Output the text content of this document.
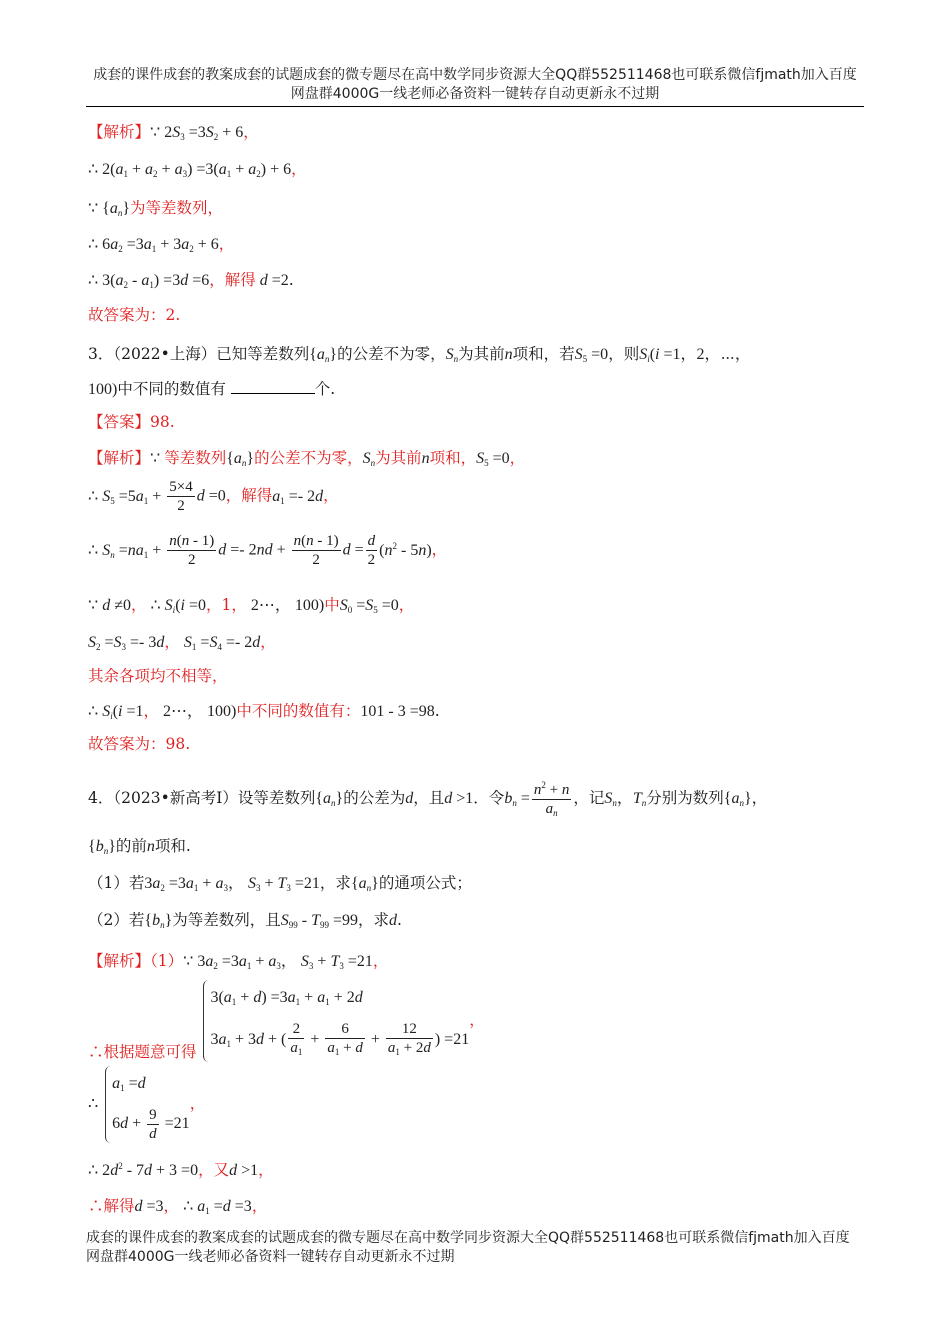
成套的课件成套的教案成套的试题成套的微专题尽在高中数学同步资源大全QQ群552511468也可联系微信fjmath加入百度
网盘群4000G一线老师必备资料一键转存自动更新永不过期
【解析】∵ $2S_3 =3S_2 + 6$，
∴ $2(a_1 + a_2 + a_3) =3(a_1 + a_2) + 6$，
∵ $\{a_n\}$为等差数列，
∴ $6a_2 =3a_1 + 3a_2 + 6$，
∴ $3(a_2 - a_1) =3d =6$，解得 d =2.
故答案为：2.
3．（2022•上海）已知等差数列$\{a_n\}$的公差不为零，$S_n$为其前n项和，若$S_5 =0$，则$S_i(i =1$，2，⋯，
100)中不同的数值有	个.
【答案】98.
【解析】∵ 等差数列$\{a_n\}$的公差不为零，$S_n$为其前n项和，$S_5 =0$，
∴ $S_5 =5a_1 + \frac{5\times 4}{2}$ d =0，解得$a_1 =- 2d$，
∴ $S_n =na_1 + \frac{n(n - 1)}{2}$ $d =- 2nd + \frac{n(n - 1)}{2}$ $d = \frac{d}{2} (n^2 - 5n)$，
∵ d ≠0， ∴ $S_i(i =0$，1， 2⋯， 100)中$S_0 =S_5 =0$，
$S_2 =S_3 =- 3d$， $S_1 =S_4 =- 2d$，
其余各项均不相等，
∴ $S_i(i =1$， 2⋯， 100)中不同的数值有：101 - 3 =98.
故答案为：98.
4．（2023•新高考Ⅰ）设等差数列$\{a_n\}$的公差为d，且d >1．令$b_n = \frac{n^2 + n}{a_n}$ ，记$S_n$，$T_n$分别为数列$\{a_n\}$，
$\{b_n\}$的前n项和.
（1）若$3a_2 =3a_1 + a_3$， $S_3 + T_3 =21$，求$\{a_n\}$的通项公式；
（2）若$\{b_n\}$为等差数列，且$S_{99} - T_{99} =99$，求d.
【解析】（1）∵ $3a_2 =3a_1 + a_3$， $S_3 + T_3 =21$，
∴根据题意可得
$3(a_1 + d) =3a_1 + a_1 + 2d$
$3a_1 + 3d$ + ( $\frac{2}{a_1} + \frac{6}{a_1 + d} + \frac{12}{a_1 + 2d}$ ) =21
，
∴
$a_1 =d$
$6d + \frac{9}{d} =21$
，
∴ $2d^2 - 7d + 3 =0$，又d >1，
∴解得d =3， ∴ $a_1 =d =3$，
成套的课件成套的教案成套的试题成套的微专题尽在高中数学同步资源大全QQ群552511468也可联系微信fjmath加入百度
网盘群4000G一线老师必备资料一键转存自动更新永不过期
